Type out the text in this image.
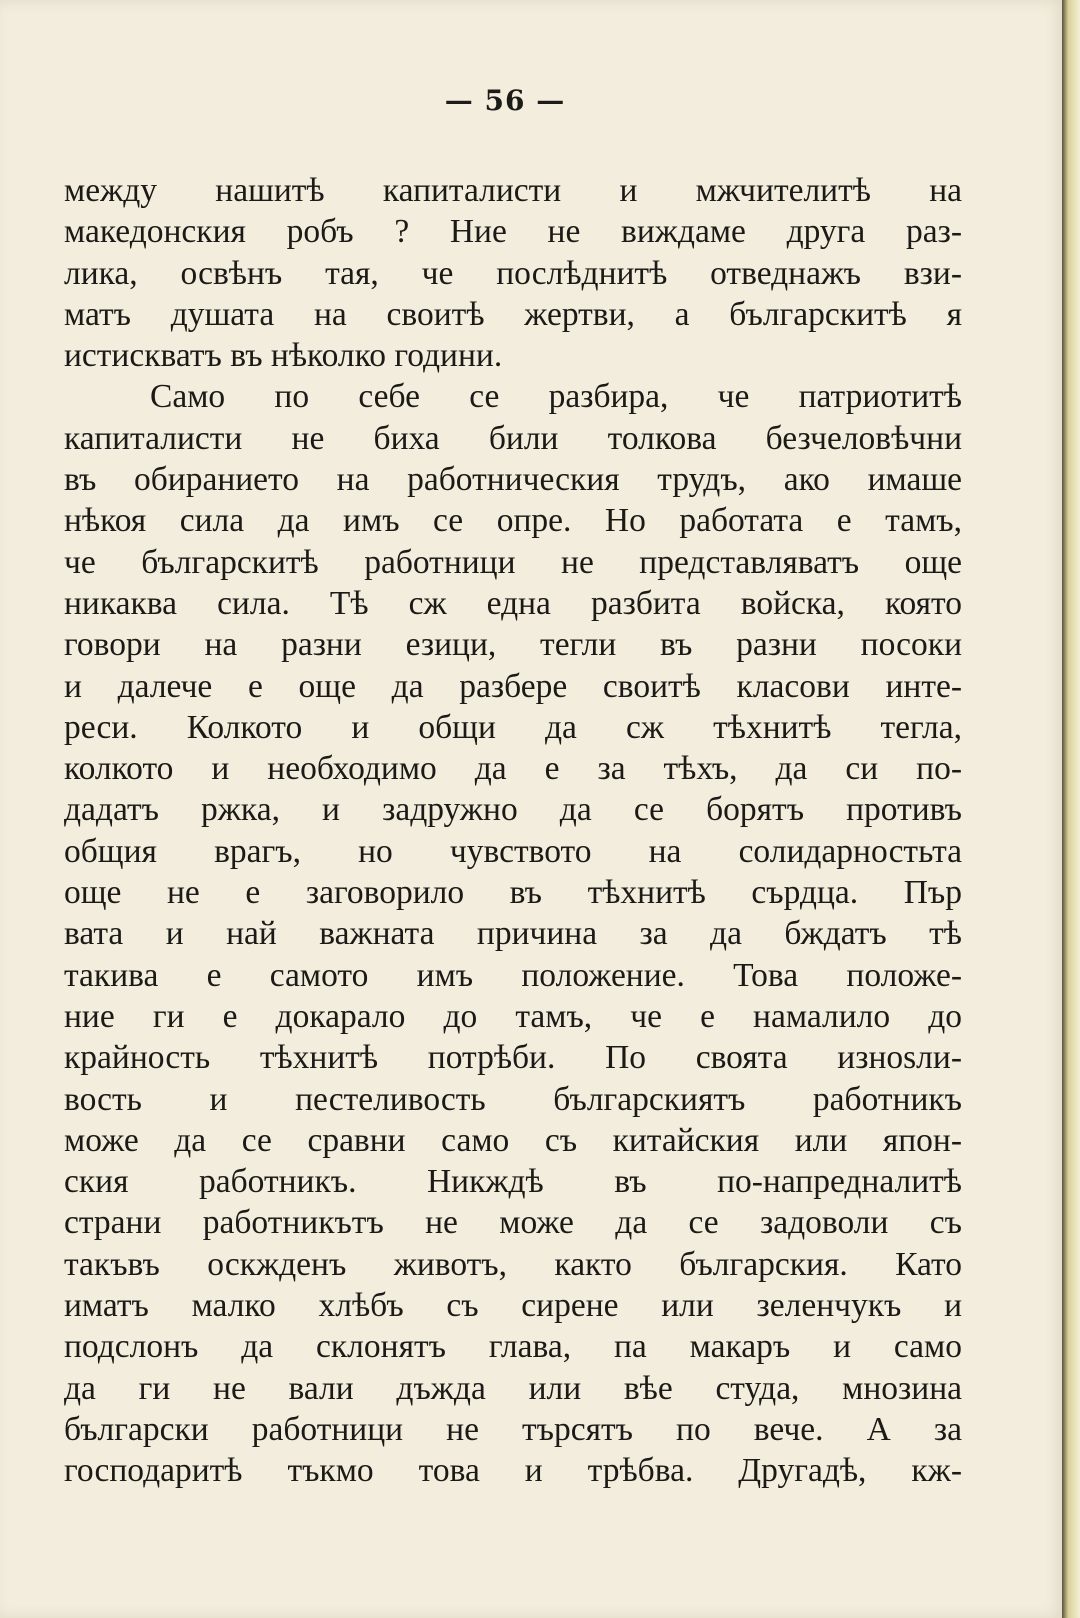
— 56 —
между нашитѣ капиталисти и мжчителитѣ на
македонския робъ ? Ние не виждаме друга раз-
лика, освѣнъ тая, че послѣднитѣ отведнажъ взи-
матъ душата на своитѣ жертви, а българскитѣ я
истискватъ въ нѣколко години.
Само по себе се разбира, че патриотитѣ
капиталисти не биха били толкова безчеловѣчни
въ обиранието на работническия трудъ, ако имаше
нѣкоя сила да имъ се опре. Но работата е тамъ,
че българскитѣ работници не представляватъ още
никаква сила. Тѣ сж една разбита войска, която
говори на разни езици, тегли въ разни посоки
и далече е още да разбере своитѣ класови инте-
реси. Колкото и общи да сж тѣхнитѣ тегла,
колкото и необходимо да е за тѣхъ, да си по-
дадатъ ржка, и задружно да се борятъ противъ
общия врагъ, но чувството на солидарностьта
още не е заговорило въ тѣхнитѣ сърдца. Пър
вата и най важната причина за да бждатъ тѣ
такива е самото имъ положение. Това положе-
ние ги е докарало до тамъ, че е намалило до
крайность тѣхнитѣ потрѣби. По своята изнosли-
вость и пестеливость българскиятъ работникъ
може да се сравни само съ китайския или япон-
ския работникъ. Никждѣ въ по-напредналитѣ
страни работникътъ не може да се задоволи съ
такъвъ оскжденъ животъ, както българския. Като
иматъ малко хлѣбъ съ сирене или зеленчукъ и
подслонъ да склонятъ глава, па макаръ и само
да ги не вали дъжда или вѣе студа, мнозина
български работници не търсятъ по вече. А за
господаритѣ тъкмо това и трѣбва. Другадѣ, кж-
